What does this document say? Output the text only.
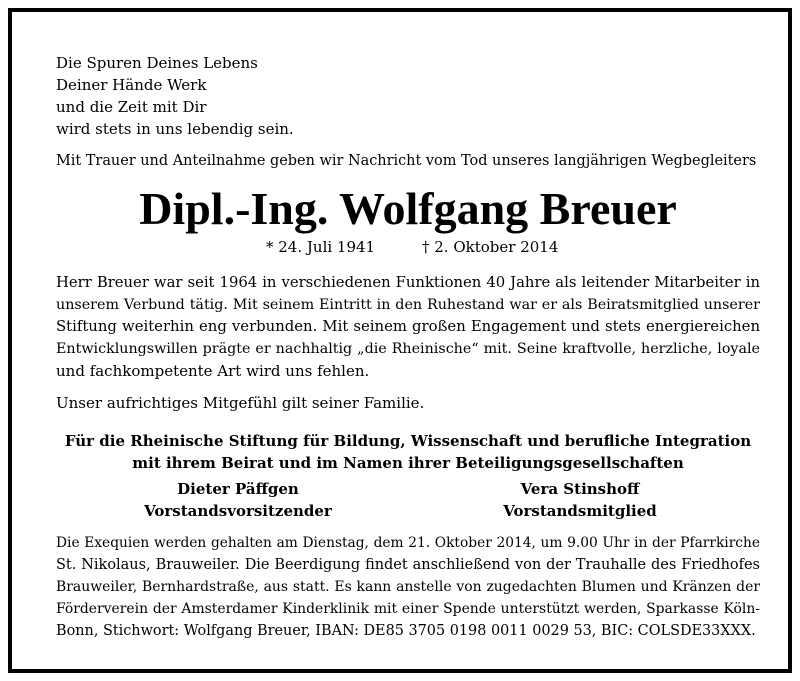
Die Spuren Deines Lebens
Deiner Hände Werk
und die Zeit mit Dir
wird stets in uns lebendig sein.
Mit Trauer und Anteilnahme geben wir Nachricht vom Tod unseres langjährigen Wegbegleiters
Dipl.-Ing. Wolfgang Breuer
* 24. Juli 1941	† 2. Oktober 2014
Herr Breuer war seit 1964 in verschiedenen Funktionen 40 Jahre als leitender Mitarbeiter in
unserem Verbund tätig. Mit seinem Eintritt in den Ruhestand war er als Beiratsmitglied unserer
Stiftung weiterhin eng verbunden. Mit seinem großen Engagement und stets energiereichen
Entwicklungswillen prägte er nachhaltig „die Rheinische“ mit. Seine kraftvolle, herzliche, loyale
und fachkompetente Art wird uns fehlen.
Unser aufrichtiges Mitgefühl gilt seiner Familie.
Für die Rheinische Stiftung für Bildung, Wissenschaft und berufliche Integration
mit ihrem Beirat und im Namen ihrer Beteiligungsgesellschaften
Dieter Päffgen
Vorstandsvorsitzender
Vera Stinshoff
Vorstandsmitglied
Die Exequien werden gehalten am Dienstag, dem 21. Oktober 2014, um 9.00 Uhr in der Pfarrkirche
St. Nikolaus, Brauweiler. Die Beerdigung findet anschließend von der Trauhalle des Friedhofes
Brauweiler, Bernhardstraße, aus statt. Es kann anstelle von zugedachten Blumen und Kränzen der
Förderverein der Amsterdamer Kinderklinik mit einer Spende unterstützt werden, Sparkasse Köln-
Bonn, Stichwort: Wolfgang Breuer, IBAN: DE85 3705 0198 0011 0029 53, BIC: COLSDE33XXX.
